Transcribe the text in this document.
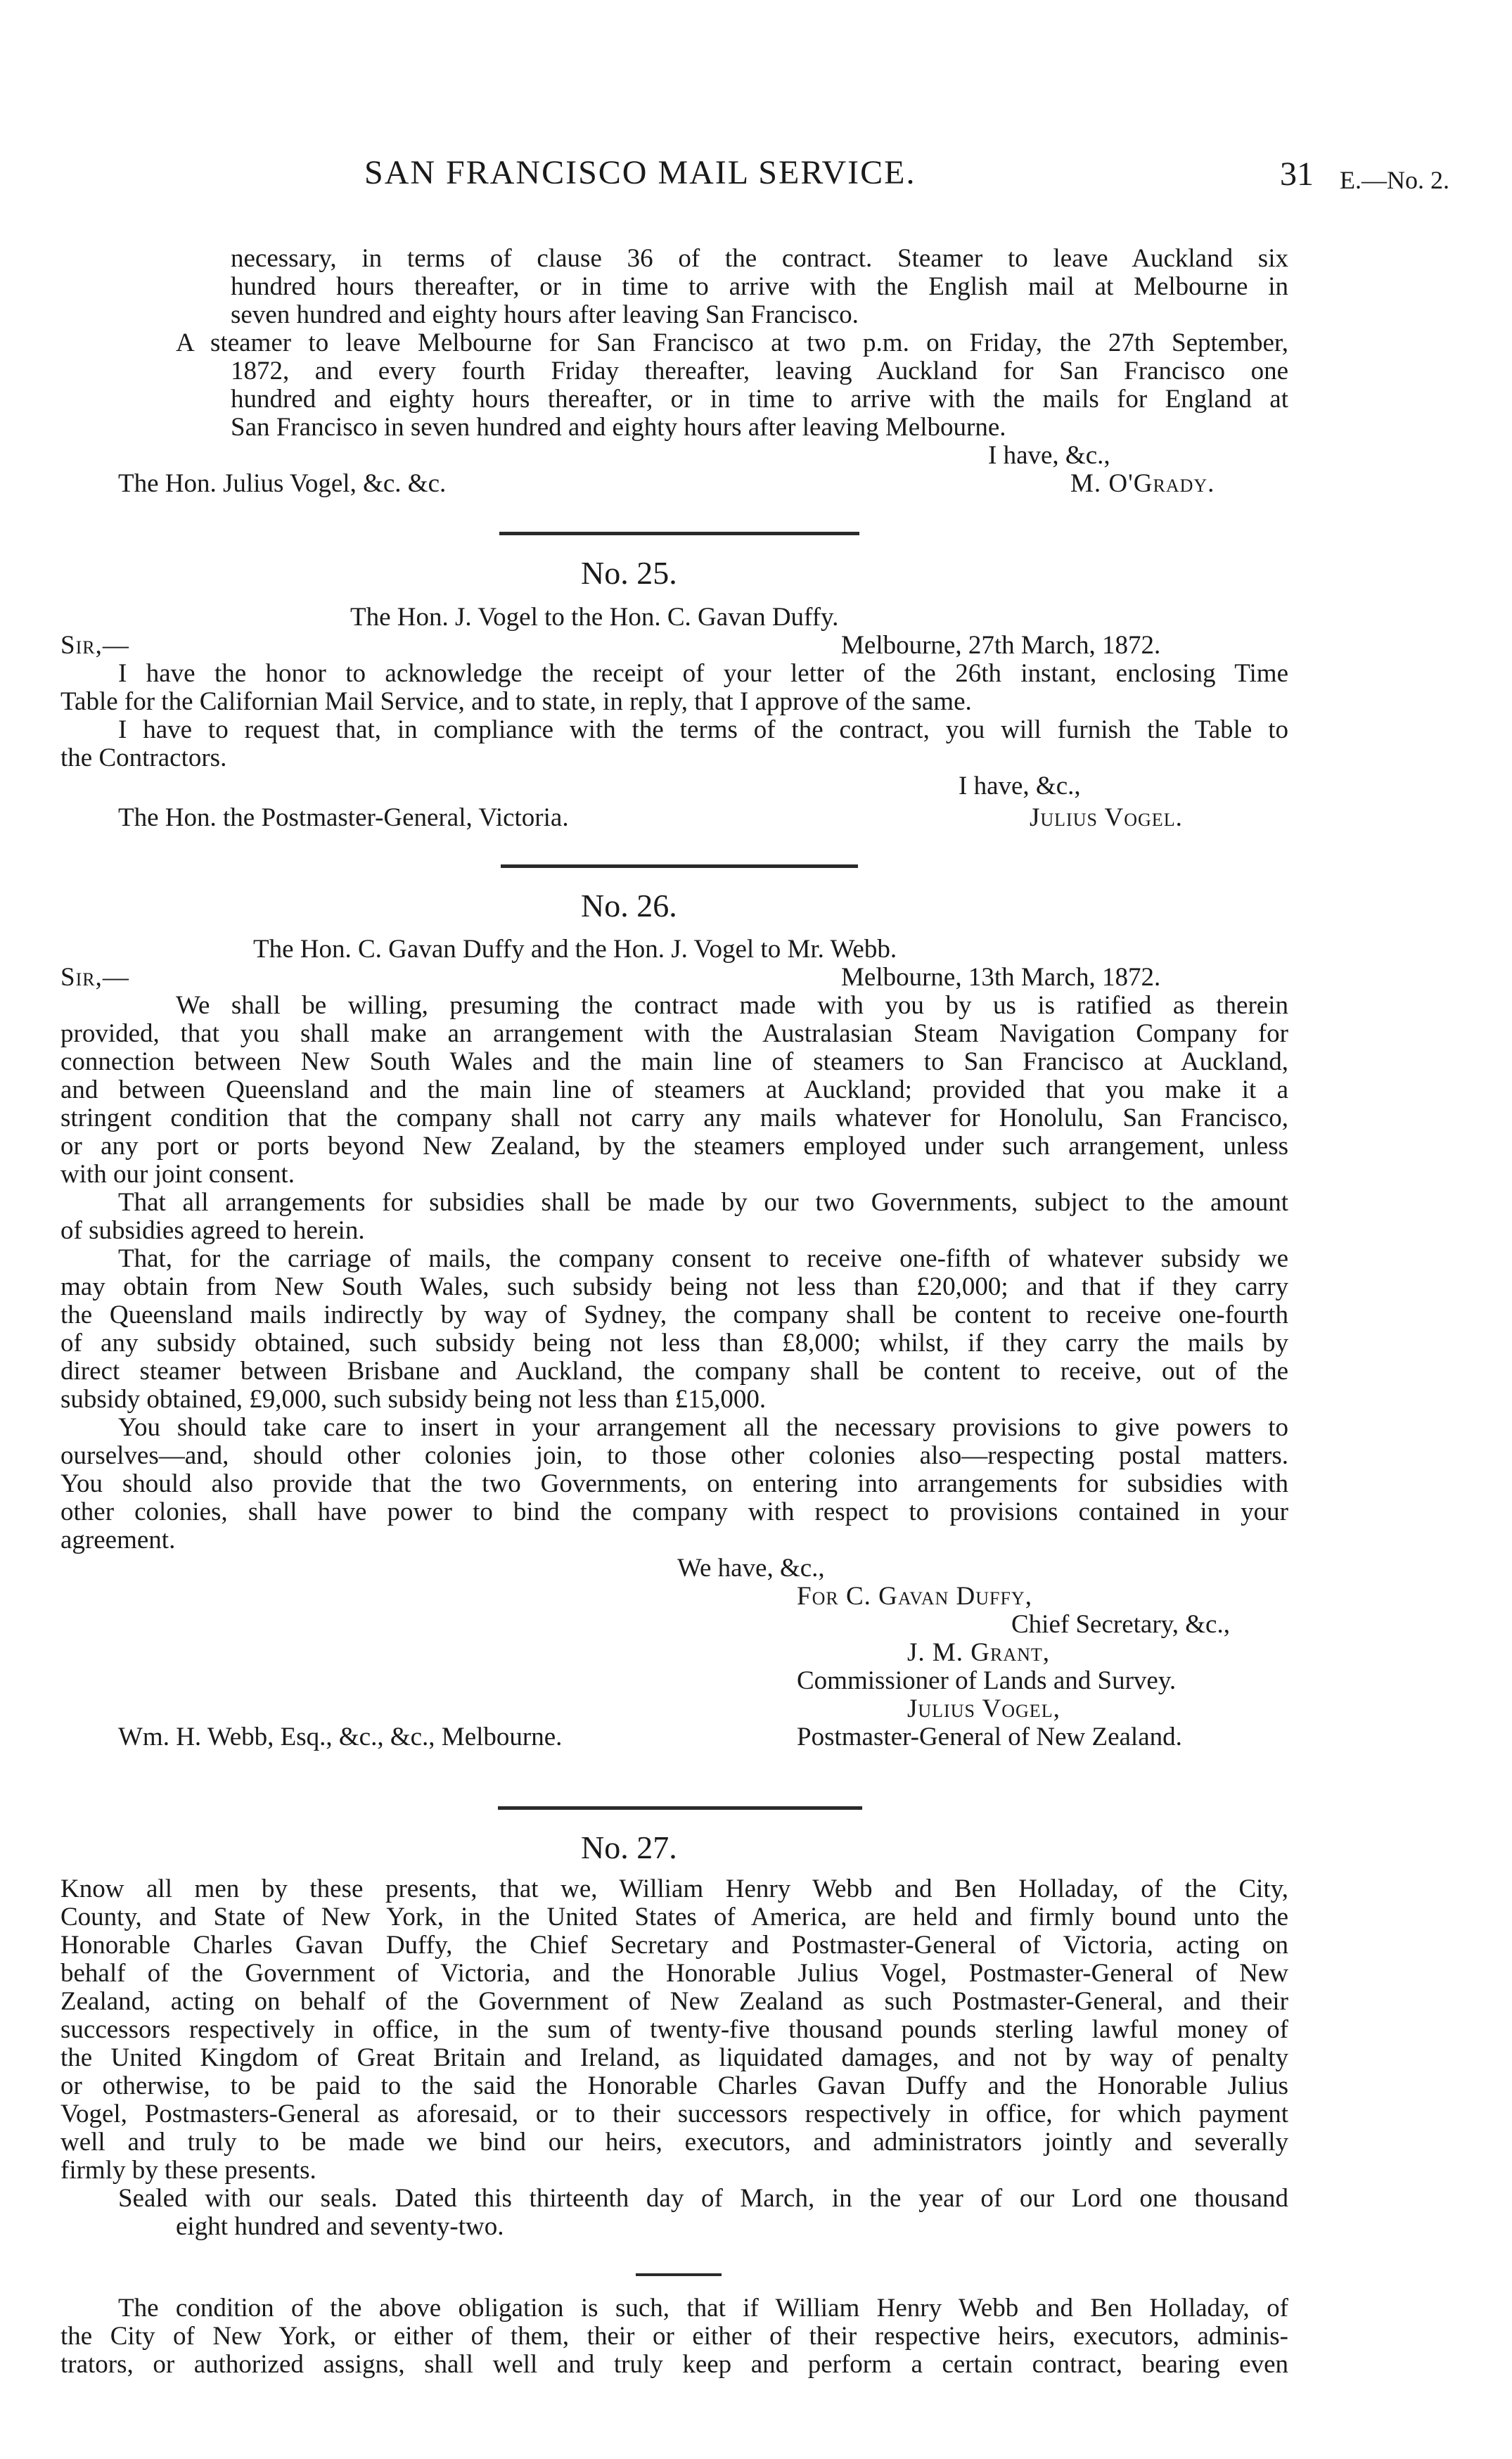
SAN FRANCISCO MAIL SERVICE.	31 E.—No. 2.
necessary, in terms of clause 36 of the contract. Steamer to leave Auckland six
hundred hours thereafter, or in time to arrive with the English mail at Melbourne in
seven hundred and eighty hours after leaving San Francisco.
A steamer to leave Melbourne for San Francisco at two p.m. on Friday, the 27th September,
1872, and every fourth Friday thereafter, leaving Auckland for San Francisco one
hundred and eighty hours thereafter, or in time to arrive with the mails for England at
San Francisco in seven hundred and eighty hours after leaving Melbourne.
I have, &c.,
The Hon. Julius Vogel, &c. &c.	M. O'Grady.
No. 25.
The Hon. J. Vogel to the Hon. C. Gavan Duffy.
Sir,—	Melbourne, 27th March, 1872.
I have the honor to acknowledge the receipt of your letter of the 26th instant, enclosing Time
Table for the Californian Mail Service, and to state, in reply, that I approve of the same.
I have to request that, in compliance with the terms of the contract, you will furnish the Table to
the Contractors.
I have, &c.,
The Hon. the Postmaster-General, Victoria.	Julius Vogel.
No. 26.
The Hon. C. Gavan Duffy and the Hon. J. Vogel to Mr. Webb.
Sir,—	Melbourne, 13th March, 1872.
We shall be willing, presuming the contract made with you by us is ratified as therein
provided, that you shall make an arrangement with the Australasian Steam Navigation Company for
connection between New South Wales and the main line of steamers to San Francisco at Auckland,
and between Queensland and the main line of steamers at Auckland; provided that you make it a
stringent condition that the company shall not carry any mails whatever for Honolulu, San Francisco,
or any port or ports beyond New Zealand, by the steamers employed under such arrangement, unless
with our joint consent.
That all arrangements for subsidies shall be made by our two Governments, subject to the amount
of subsidies agreed to herein.
That, for the carriage of mails, the company consent to receive one-fifth of whatever subsidy we
may obtain from New South Wales, such subsidy being not less than £20,000; and that if they carry
the Queensland mails indirectly by way of Sydney, the company shall be content to receive one-fourth
of any subsidy obtained, such subsidy being not less than £8,000; whilst, if they carry the mails by
direct steamer between Brisbane and Auckland, the company shall be content to receive, out of the
subsidy obtained, £9,000, such subsidy being not less than £15,000.
You should take care to insert in your arrangement all the necessary provisions to give powers to
ourselves—and, should other colonies join, to those other colonies also—respecting postal matters.
You should also provide that the two Governments, on entering into arrangements for subsidies with
other colonies, shall have power to bind the company with respect to provisions contained in your
agreement.
We have, &c.,
For C. Gavan Duffy,
Chief Secretary, &c.,
J. M. Grant,
Commissioner of Lands and Survey.
Julius Vogel,
Postmaster-General of New Zealand.
Wm. H. Webb, Esq., &c., &c., Melbourne.
No. 27.
Know all men by these presents, that we, William Henry Webb and Ben Holladay, of the City,
County, and State of New York, in the United States of America, are held and firmly bound unto the
Honorable Charles Gavan Duffy, the Chief Secretary and Postmaster-General of Victoria, acting on
behalf of the Government of Victoria, and the Honorable Julius Vogel, Postmaster-General of New
Zealand, acting on behalf of the Government of New Zealand as such Postmaster-General, and their
successors respectively in office, in the sum of twenty-five thousand pounds sterling lawful money of
the United Kingdom of Great Britain and Ireland, as liquidated damages, and not by way of penalty
or otherwise, to be paid to the said the Honorable Charles Gavan Duffy and the Honorable Julius
Vogel, Postmasters-General as aforesaid, or to their successors respectively in office, for which payment
well and truly to be made we bind our heirs, executors, and administrators jointly and severally
firmly by these presents.
Sealed with our seals. Dated this thirteenth day of March, in the year of our Lord one thousand
eight hundred and seventy-two.
The condition of the above obligation is such, that if William Henry Webb and Ben Holladay, of
the City of New York, or either of them, their or either of their respective heirs, executors, adminis-
trators, or authorized assigns, shall well and truly keep and perform a certain contract, bearing even
